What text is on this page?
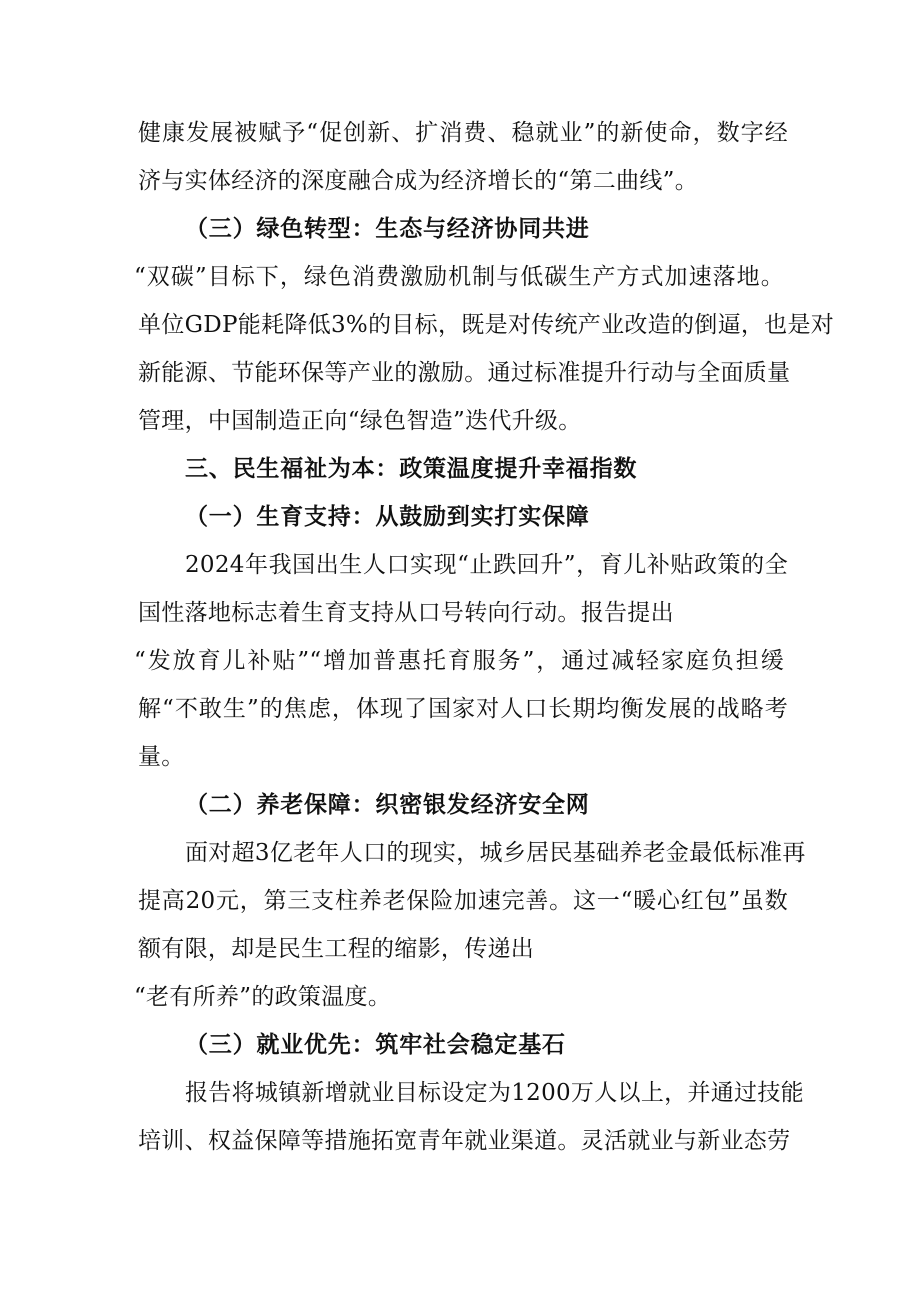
健康发展被赋予“促创新、扩消费、稳就业”的新使命，数字经
济与实体经济的深度融合成为经济增长的“第二曲线”。
（三）绿色转型：生态与经济协同共进
“双碳”目标下，绿色消费激励机制与低碳生产方式加速落地。
单位GDP能耗降低3%的目标，既是对传统产业改造的倒逼，也是对
新能源、节能环保等产业的激励。通过标准提升行动与全面质量
管理，中国制造正向“绿色智造”迭代升级。
三、民生福祉为本：政策温度提升幸福指数
（一）生育支持：从鼓励到实打实保障
2024年我国出生人口实现“止跌回升”，育儿补贴政策的全
国性落地标志着生育支持从口号转向行动。报告提出
“发放育儿补贴”“增加普惠托育服务”，通过减轻家庭负担缓
解“不敢生”的焦虑，体现了国家对人口长期均衡发展的战略考
量。
（二）养老保障：织密银发经济安全网
面对超3亿老年人口的现实，城乡居民基础养老金最低标准再
提高20元，第三支柱养老保险加速完善。这一“暖心红包”虽数
额有限，却是民生工程的缩影，传递出
“老有所养”的政策温度。
（三）就业优先：筑牢社会稳定基石
报告将城镇新增就业目标设定为1200万人以上，并通过技能
培训、权益保障等措施拓宽青年就业渠道。灵活就业与新业态劳
